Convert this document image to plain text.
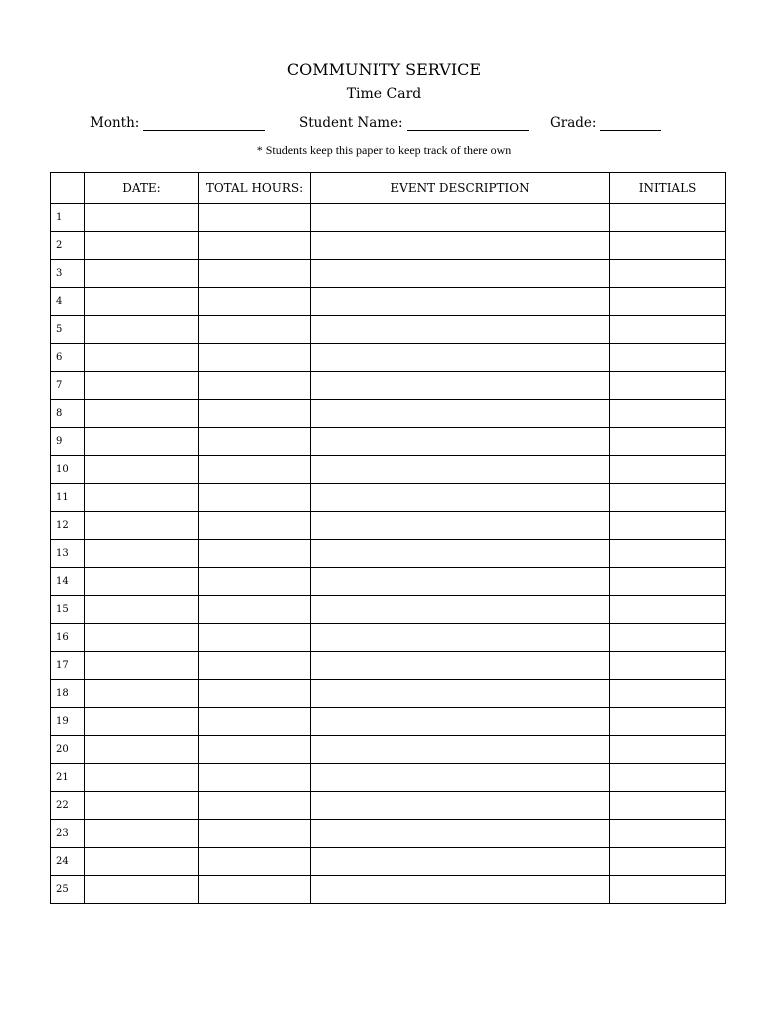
COMMUNITY SERVICE
Time Card
Month:	Student Name:	Grade:
* Students keep this paper to keep track of there own
	DATE:	TOTAL HOURS:	EVENT DESCRIPTION	INITIALS
1				
2				
3				
4				
5				
6				
7				
8				
9				
10				
11				
12				
13				
14				
15				
16				
17				
18				
19				
20				
21				
22				
23				
24				
25				
